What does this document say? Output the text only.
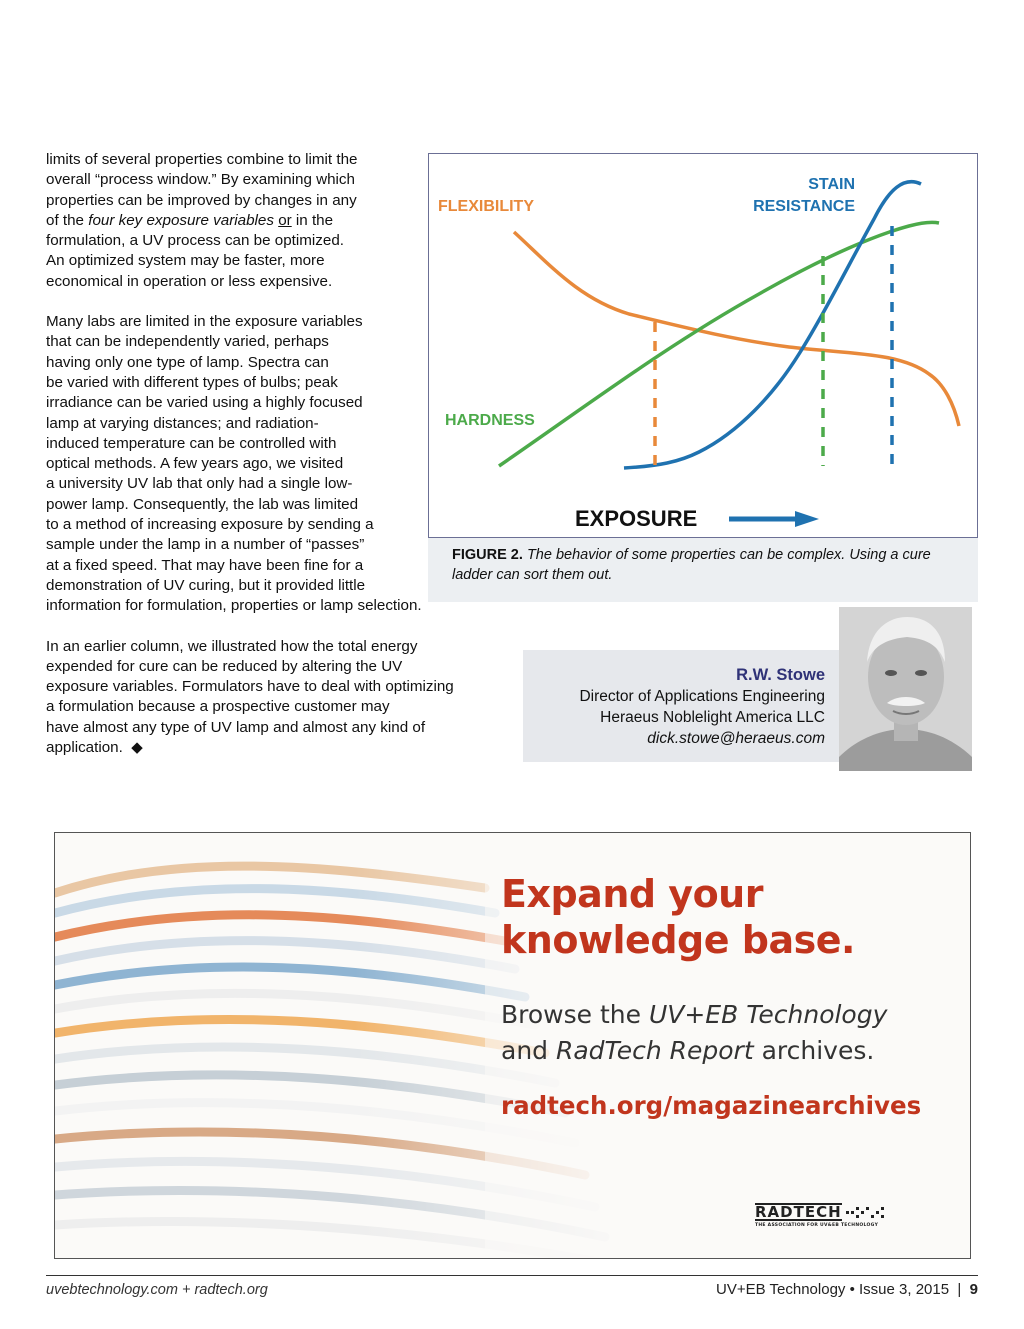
limits of several properties combine to limit the
overall “process window.” By examining which
properties can be improved by changes in any
of the four key exposure variables or in the
formulation, a UV process can be optimized.
An optimized system may be faster, more
economical in operation or less expensive.

Many labs are limited in the exposure variables
that can be independently varied, perhaps
having only one type of lamp. Spectra can
be varied with different types of bulbs; peak
irradiance can be varied using a highly focused
lamp at varying distances; and radiation-
induced temperature can be controlled with
optical methods. A few years ago, we visited
a university UV lab that only had a single low-
power lamp. Consequently, the lab was limited
to a method of increasing exposure by sending a
sample under the lamp in a number of “passes”
at a fixed speed. That may have been fine for a
demonstration of UV curing, but it provided little
information for formulation, properties or lamp selection.

In an earlier column, we illustrated how the total energy
expended for cure can be reduced by altering the UV
exposure variables. Formulators have to deal with optimizing
a formulation because a prospective customer may
have almost any type of UV lamp and almost any kind of
application. ◆

FLEXIBILITY
HARDNESS
STAIN
RESISTANCE
EXPOSURE
FIGURE 2. The behavior of some properties can be complex. Using a cure ladder can sort them out.
R.W. Stowe
Director of Applications Engineering
Heraeus Noblelight America LLC
dick.stowe@heraeus.com
Expand your
knowledge base.

Browse the UV+EB Technology
and RadTech Report archives.

radtech.org/magazinearchives
RADTECH
THE ASSOCIATION FOR UV&EB TECHNOLOGY
uvebtechnology.com + radtech.org	UV+EB Technology • Issue 3, 2015 | 9
